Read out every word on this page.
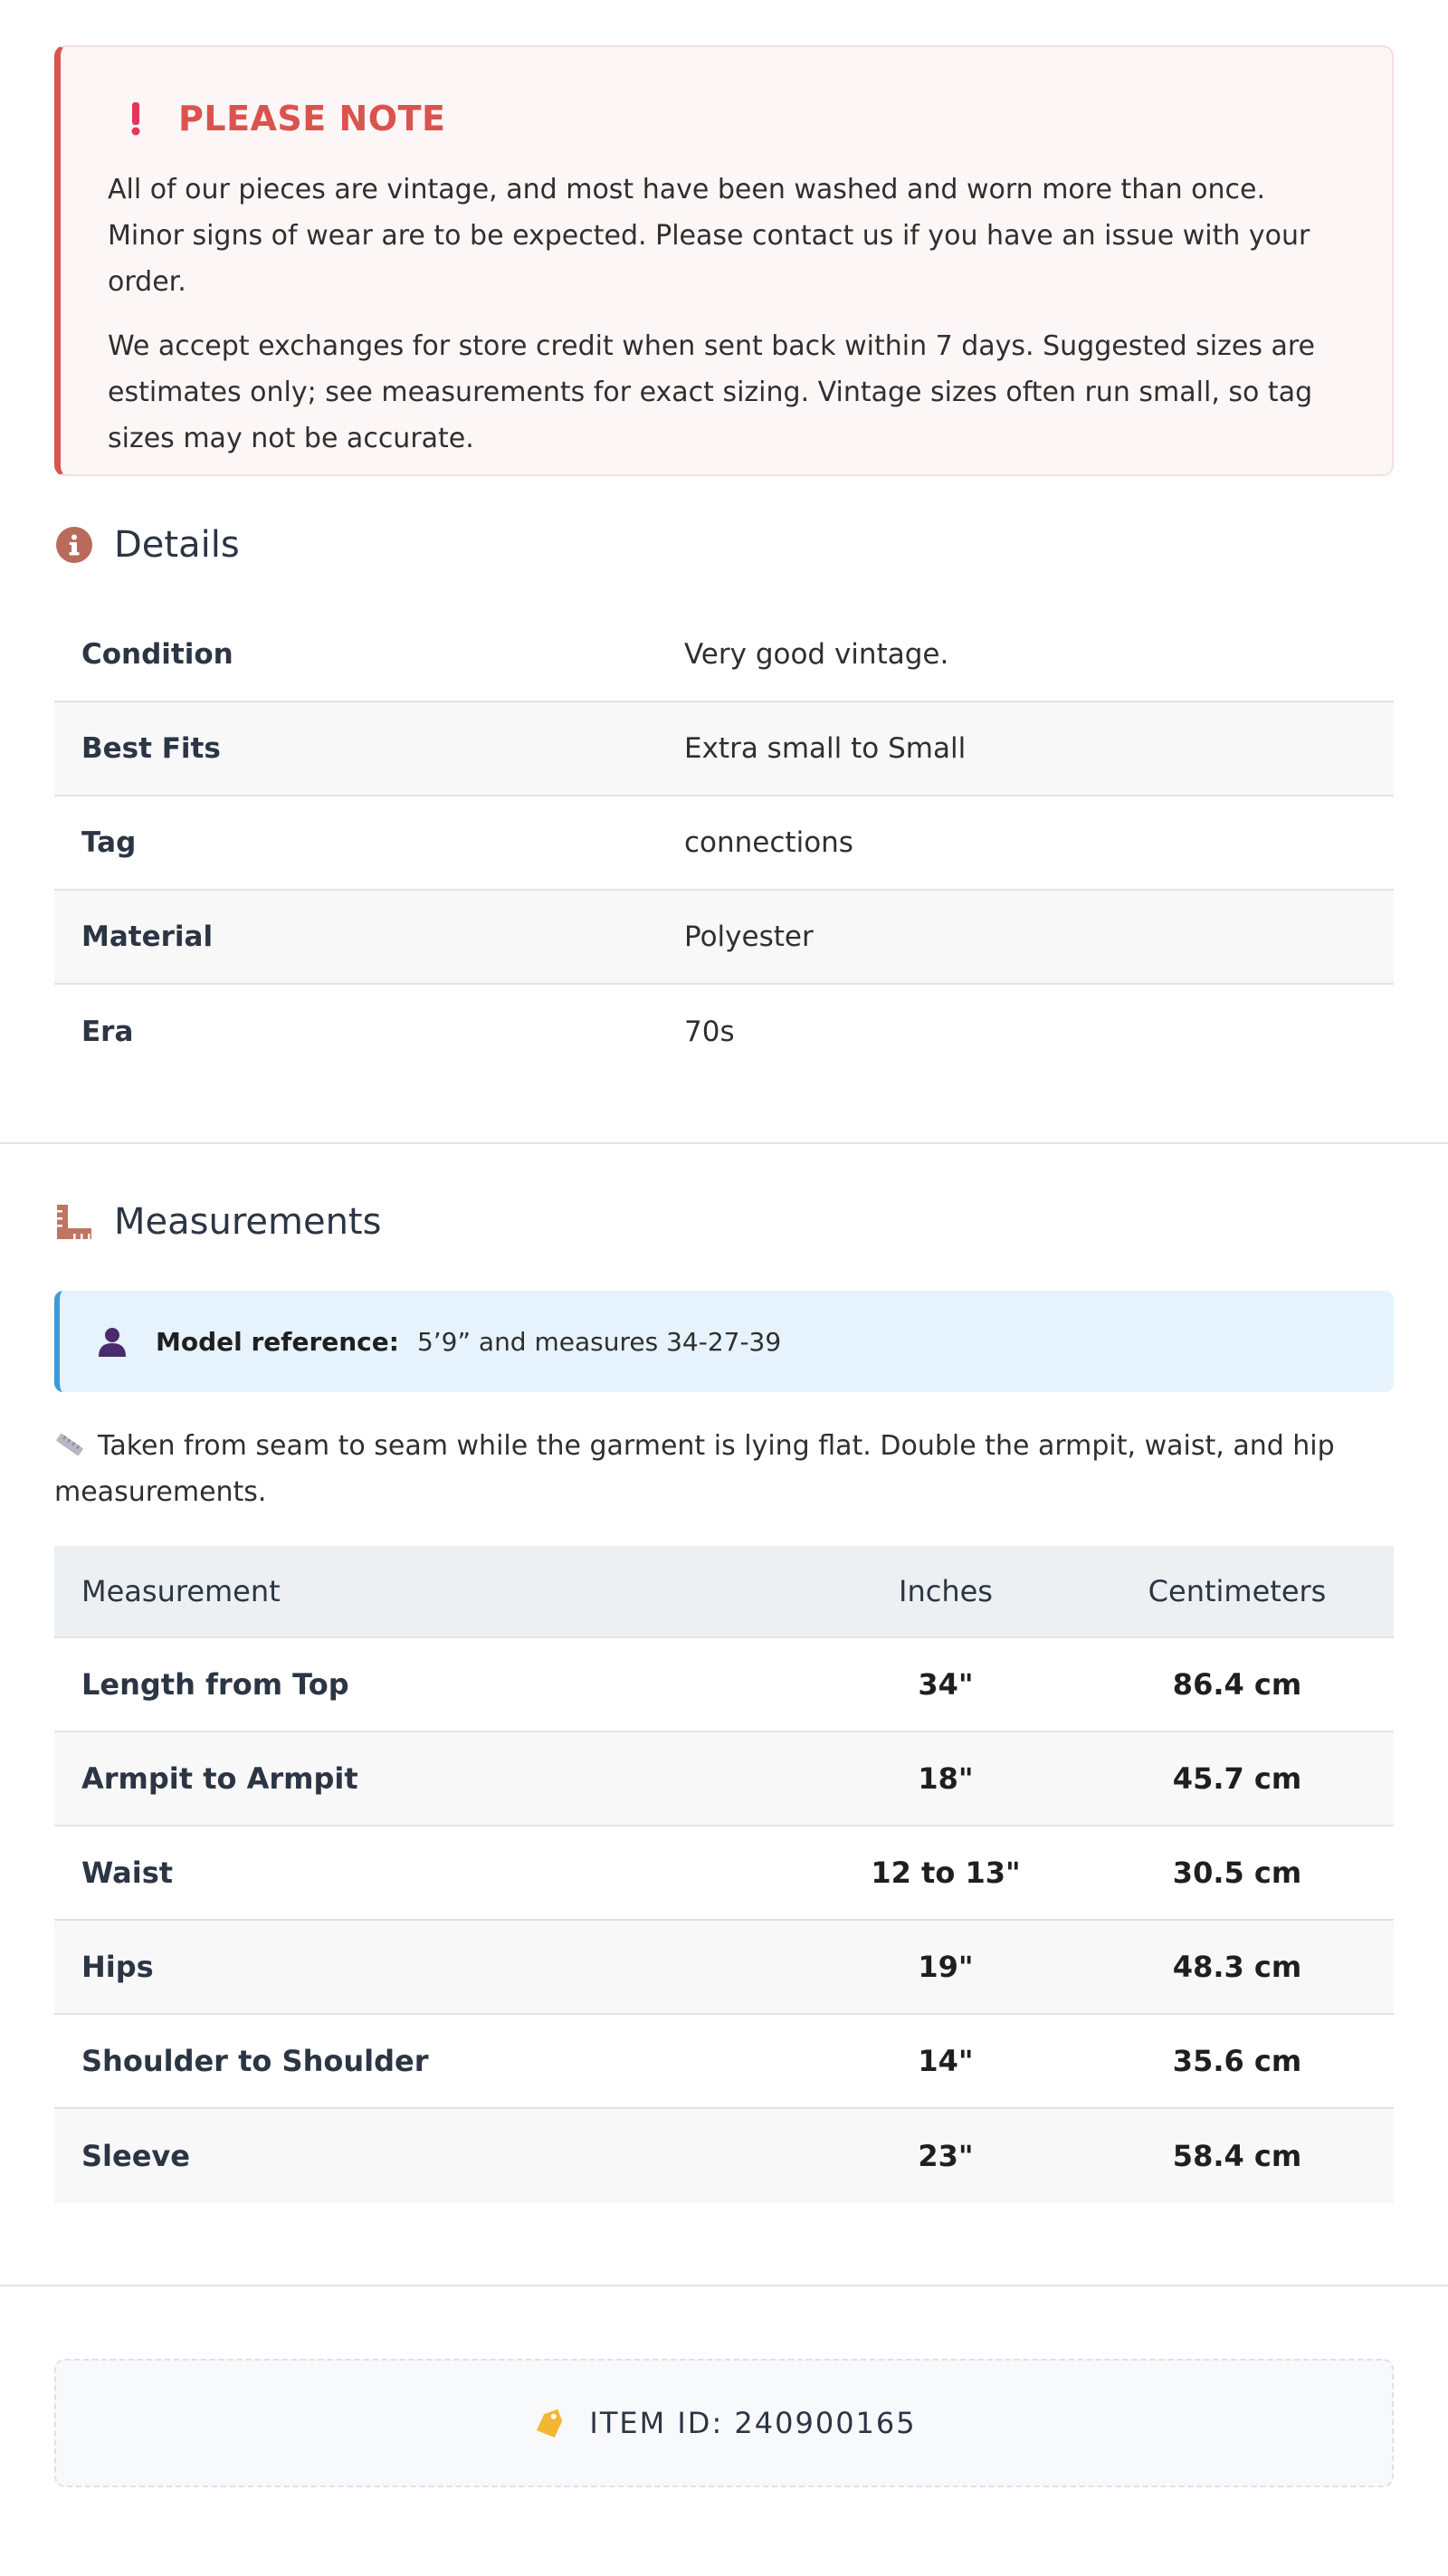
PLEASE NOTE

All of our pieces are vintage, and most have been washed and worn more than once. Minor signs of wear are to be expected. Please contact us if you have an issue with your order.

We accept exchanges for store credit when sent back within 7 days. Suggested sizes are estimates only; see measurements for exact sizing. Vintage sizes often run small, so tag sizes may not be accurate.

Details
Condition	Very good vintage.
Best Fits	Extra small to Small
Tag	connections
Material	Polyester
Era	70s
Measurements
Model reference: 5’9” and measures 34-27-39

Taken from seam to seam while the garment is lying flat. Double the armpit, waist, and hip measurements.

Measurement	Inches	Centimeters
Length from Top	34"	86.4 cm
Armpit to Armpit	18"	45.7 cm
Waist	12 to 13"	30.5 cm
Hips	19"	48.3 cm
Shoulder to Shoulder	14"	35.6 cm
Sleeve	23"	58.4 cm
ITEM ID: 240900165
